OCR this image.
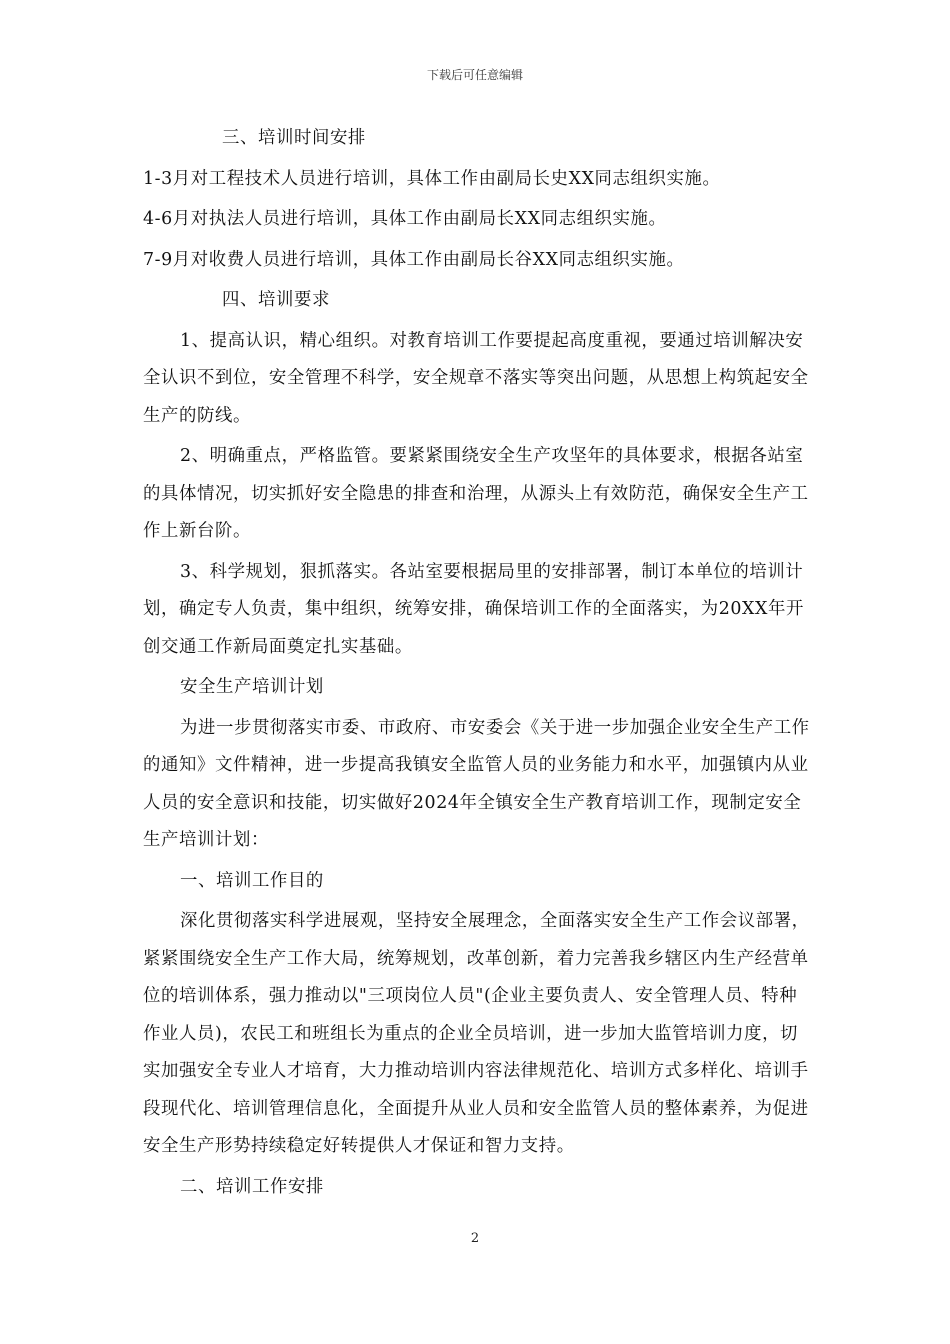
下载后可任意编辑

三、培训时间安排

1-3月对工程技术人员进行培训，具体工作由副局长史XX同志组织实施。

4-6月对执法人员进行培训，具体工作由副局长XX同志组织实施。

7-9月对收费人员进行培训，具体工作由副局长谷XX同志组织实施。

四、培训要求

1、提高认识，精心组织。对教育培训工作要提起高度重视，要通过培训解决安全认识不到位，安全管理不科学，安全规章不落实等突出问题，从思想上构筑起安全生产的防线。

2、明确重点，严格监管。要紧紧围绕安全生产攻坚年的具体要求，根据各站室的具体情况，切实抓好安全隐患的排查和治理，从源头上有效防范，确保安全生产工作上新台阶。

3、科学规划，狠抓落实。各站室要根据局里的安排部署，制订本单位的培训计划，确定专人负责，集中组织，统筹安排，确保培训工作的全面落实，为20XX年开创交通工作新局面奠定扎实基础。

安全生产培训计划

为进一步贯彻落实市委、市政府、市安委会《关于进一步加强企业安全生产工作的通知》文件精神，进一步提高我镇安全监管人员的业务能力和水平，加强镇内从业人员的安全意识和技能，切实做好2024年全镇安全生产教育培训工作，现制定安全生产培训计划：

一、培训工作目的

深化贯彻落实科学进展观，坚持安全展理念，全面落实安全生产工作会议部署，紧紧围绕安全生产工作大局，统筹规划，改革创新，着力完善我乡辖区内生产经营单位的培训体系，强力推动以"三项岗位人员"(企业主要负责人、安全管理人员、特种作业人员)，农民工和班组长为重点的企业全员培训，进一步加大监管培训力度，切实加强安全专业人才培育，大力推动培训内容法律规范化、培训方式多样化、培训手段现代化、培训管理信息化，全面提升从业人员和安全监管人员的整体素养，为促进安全生产形势持续稳定好转提供人才保证和智力支持。

二、培训工作安排

2
